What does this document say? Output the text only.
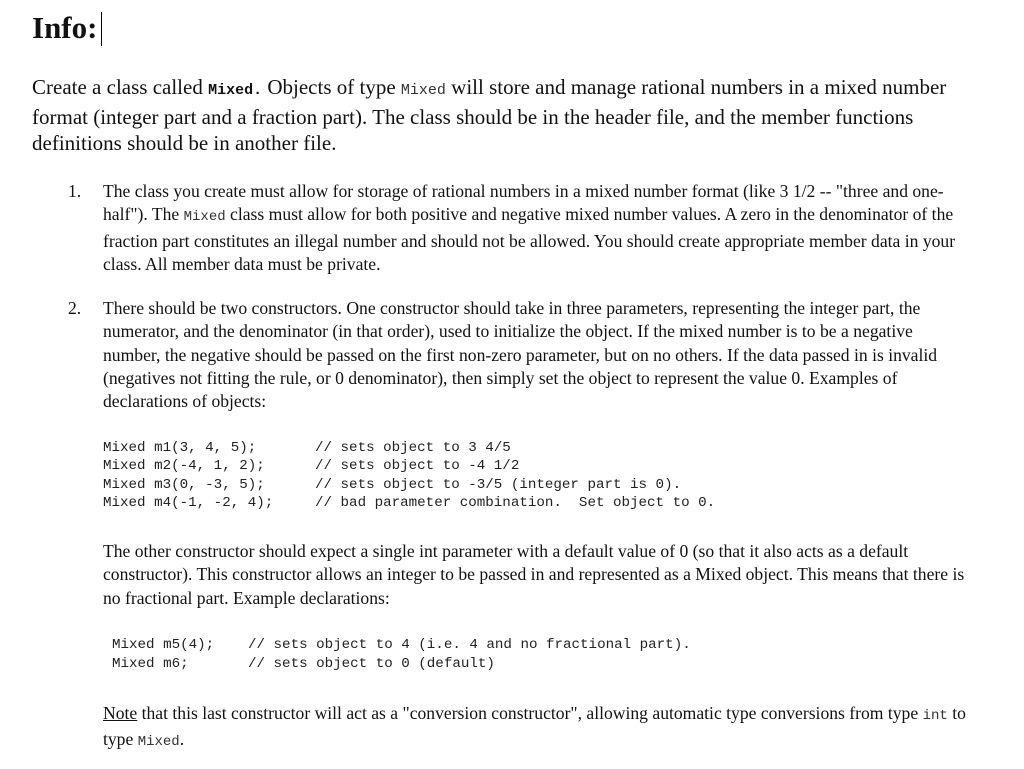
Info:
Create a class called Mixed. Objects of type Mixed will store and manage rational numbers in a mixed number format (integer part and a fraction part). The class should be in the header file, and the member functions definitions should be in another file.
1. The class you create must allow for storage of rational numbers in a mixed number format (like 3 1/2 -- "three and one-half"). The Mixed class must allow for both positive and negative mixed number values. A zero in the denominator of the fraction part constitutes an illegal number and should not be allowed. You should create appropriate member data in your class. All member data must be private.
2. There should be two constructors. One constructor should take in three parameters, representing the integer part, the numerator, and the denominator (in that order), used to initialize the object. If the mixed number is to be a negative number, the negative should be passed on the first non-zero parameter, but on no others. If the data passed in is invalid (negatives not fitting the rule, or 0 denominator), then simply set the object to represent the value 0. Examples of declarations of objects:

Mixed m1(3, 4, 5);	// sets object to 3 4/5

Mixed m2(-4, 1, 2);	// sets object to -4 1/2

Mixed m3(0, -3, 5);	// sets object to -3/5 (integer part is 0).

Mixed m4(-1, -2, 4);	// bad parameter combination.  Set object to 0.

The other constructor should expect a single int parameter with a default value of 0 (so that it also acts as a default constructor). This constructor allows an integer to be passed in and represented as a Mixed object. This means that there is no fractional part. Example declarations:

Mixed m5(4); // sets object to 4 (i.e. 4 and no fractional part).

Mixed m6;	// sets object to 0 (default)

Note that this last constructor will act as a "conversion constructor", allowing automatic type conversions from type int to type Mixed.
